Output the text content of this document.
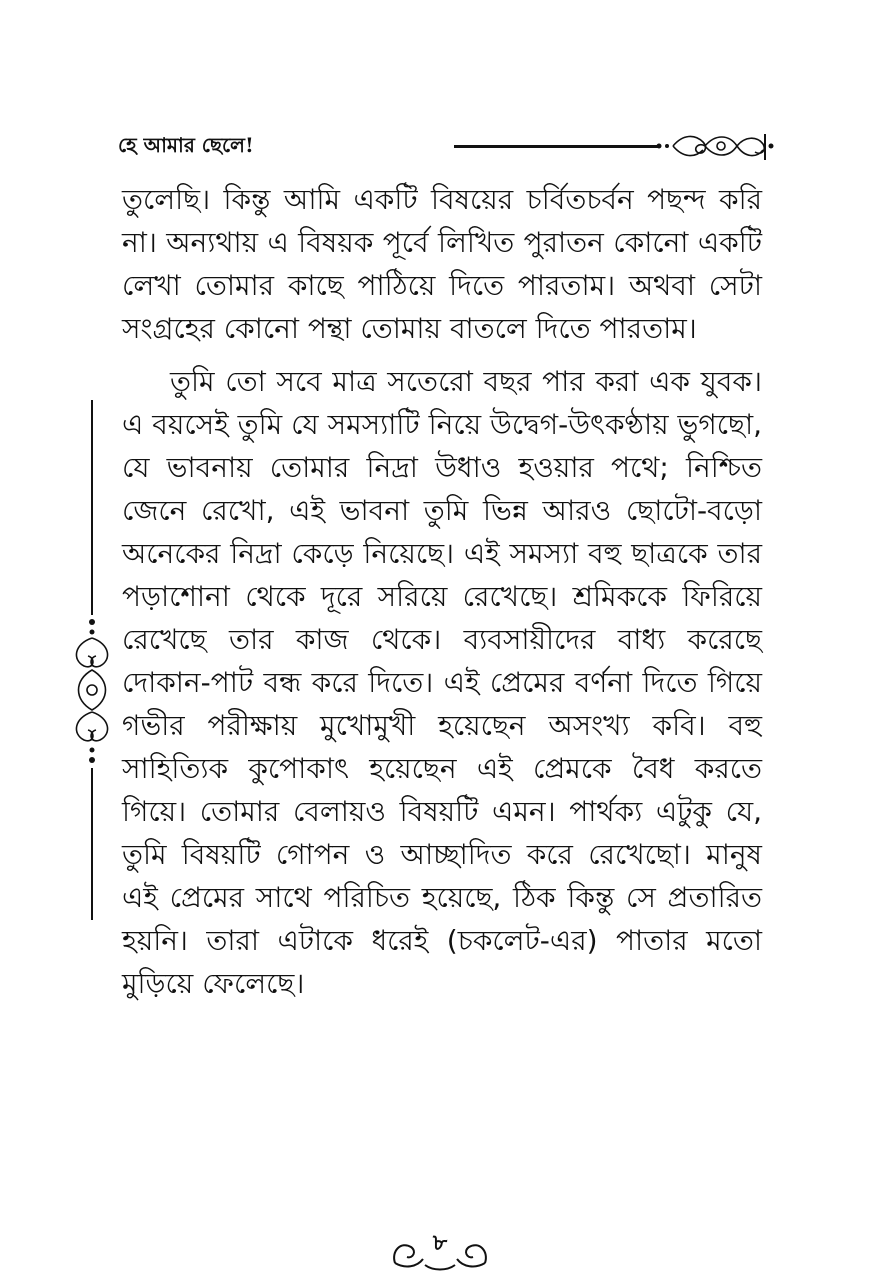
হে আমার ছেলে!

তুলেছি। কিন্তু আমি একটি বিষয়ের চর্বিতচর্বন পছন্দ করি না। অন্যথায় এ বিষয়ক পূর্বে লিখিত পুরাতন কোনো একটি লেখা তোমার কাছে পাঠিয়ে দিতে পারতাম। অথবা সেটা সংগ্রহের কোনো পন্থা তোমায় বাতলে দিতে পারতাম।

তুমি তো সবে মাত্র সতেরো বছর পার করা এক যুবক। এ বয়সেই তুমি যে সমস্যাটি নিয়ে উদ্বেগ-উৎকণ্ঠায় ভুগছো, যে ভাবনায় তোমার নিদ্রা উধাও হওয়ার পথে; নিশ্চিত জেনে রেখো, এই ভাবনা তুমি ভিন্ন আরও ছোটো-বড়ো অনেকের নিদ্রা কেড়ে নিয়েছে। এই সমস্যা বহু ছাত্রকে তার পড়াশোনা থেকে দূরে সরিয়ে রেখেছে। শ্রমিককে ফিরিয়ে রেখেছে তার কাজ থেকে। ব্যবসায়ীদের বাধ্য করেছে দোকান-পাট বন্ধ করে দিতে। এই প্রেমের বর্ণনা দিতে গিয়ে গভীর পরীক্ষায় মুখোমুখী হয়েছেন অসংখ্য কবি। বহু সাহিত্যিক কুপোকাৎ হয়েছেন এই প্রেমকে বৈধ করতে গিয়ে। তোমার বেলায়ও বিষয়টি এমন। পার্থক্য এটুকু যে, তুমি বিষয়টি গোপন ও আচ্ছাদিত করে রেখেছো। মানুষ এই প্রেমের সাথে পরিচিত হয়েছে, ঠিক কিন্তু সে প্রতারিত হয়নি। তারা এটাকে ধরেই (চকলেট-এর) পাতার মতো মুড়িয়ে ফেলেছে।

৮
